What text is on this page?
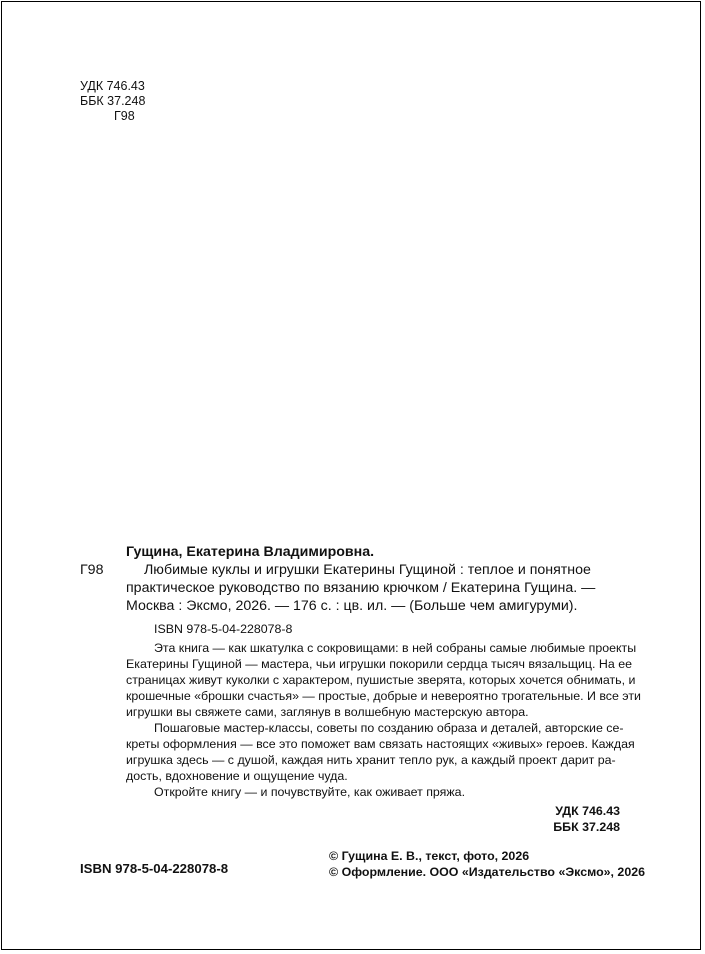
УДК 746.43
ББК 37.248
Г98
Г98
Гущина, Екатерина Владимировна.
Любимые куклы и игрушки Екатерины Гущиной : теплое и понятное
практическое руководство по вязанию крючком / Екатерина Гущина. —
Москва : Эксмо, 2026. — 176 с. : цв. ил. — (Больше чем амигуруми).
ISBN 978-5-04-228078-8
Эта книга — как шкатулка с сокровищами: в ней собраны самые любимые проекты
Екатерины Гущиной — мастера, чьи игрушки покорили сердца тысяч вязальщиц. На ее
страницах живут куколки с характером, пушистые зверята, которых хочется обнимать, и
крошечные «брошки счастья» — простые, добрые и невероятно трогательные. И все эти
игрушки вы свяжете сами, заглянув в волшебную мастерскую автора.
Пошаговые мастер-классы, советы по созданию образа и деталей, авторские се-
креты оформления — все это поможет вам связать настоящих «живых» героев. Каждая
игрушка здесь — с душой, каждая нить хранит тепло рук, а каждый проект дарит ра-
дость, вдохновение и ощущение чуда.
Откройте книгу — и почувствуйте, как оживает пряжа.
УДК 746.43
ББК 37.248
ISBN 978-5-04-228078-8
© Гущина Е. В., текст, фото, 2026
© Оформление. ООО «Издательство «Эксмо», 2026
